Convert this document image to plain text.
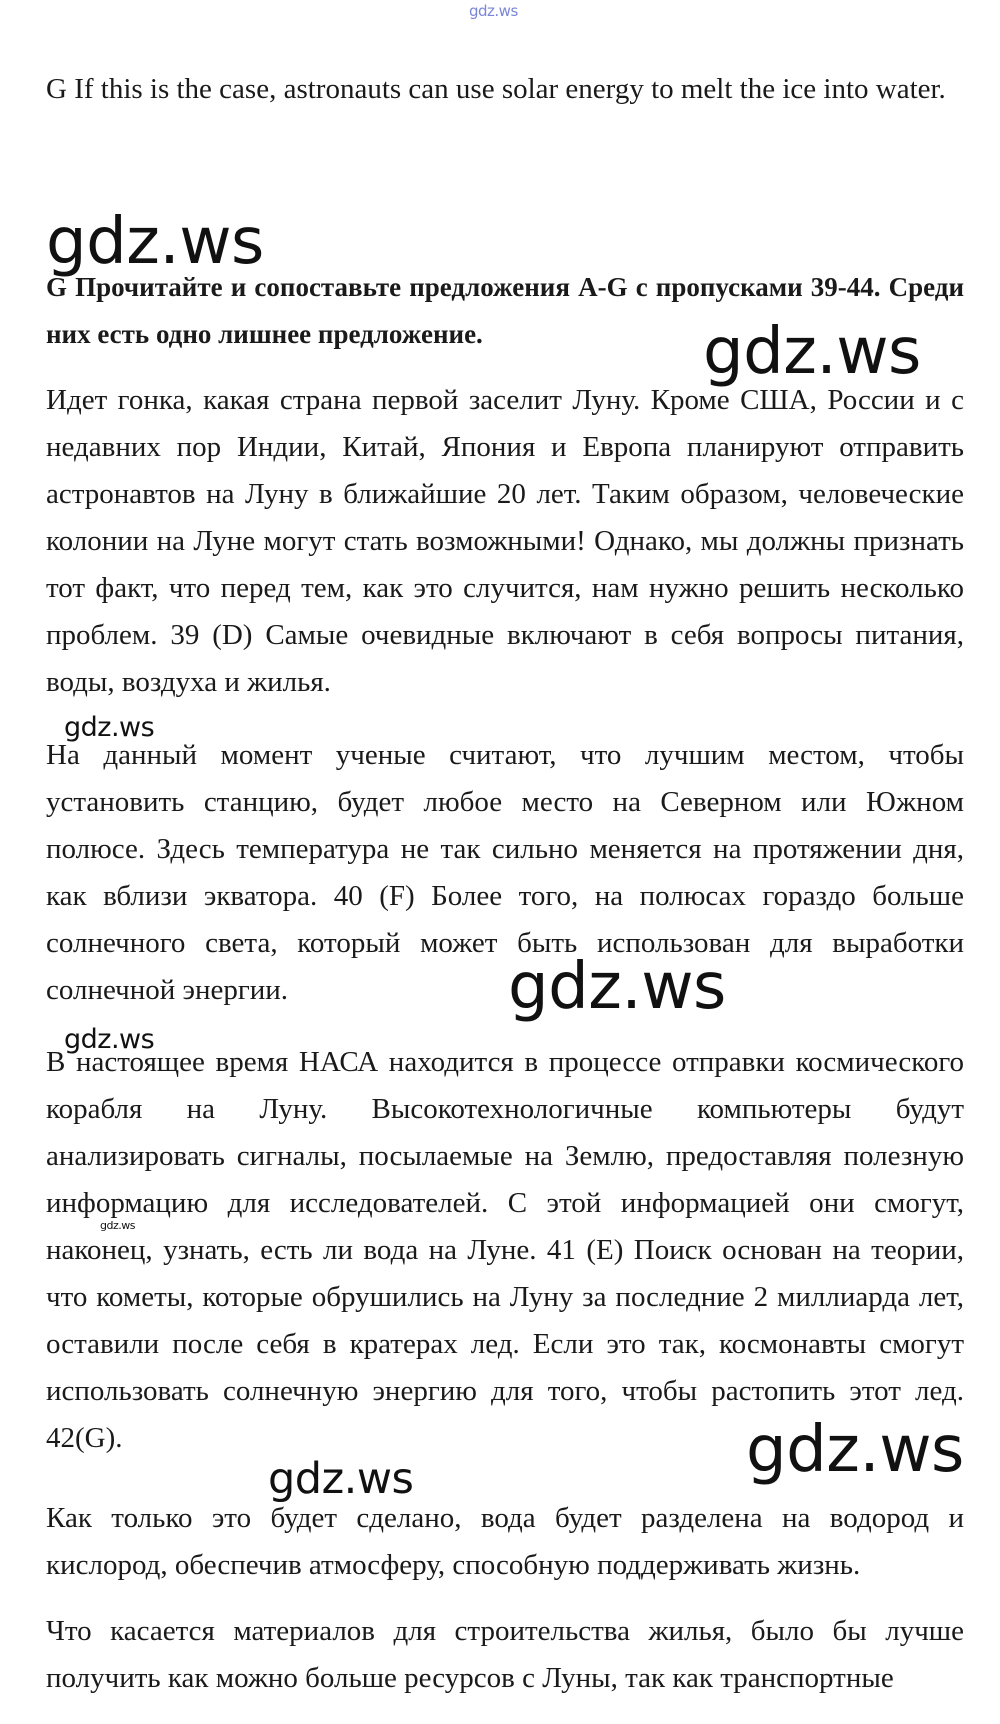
gdz.ws

G If this is the case, astronauts can use solar energy to melt the ice into water.

G Прочитайте и сопоставьте предложения A-G с пропусками 39-44. Среди них есть одно лишнее предложение.

Идет гонка, какая страна первой заселит Луну. Кроме США, России и с недавних пор Индии, Китай, Япония и Европа планируют отправить астронавтов на Луну в ближайшие 20 лет. Таким образом, человеческие колонии на Луне могут стать возможными! Однако, мы должны признать тот факт, что перед тем, как это случится, нам нужно решить несколько проблем. 39 (D) Самые очевидные включают в себя вопросы питания, воды, воздуха и жилья.

На данный момент ученые считают, что лучшим местом, чтобы установить станцию, будет любое место на Северном или Южном полюсе. Здесь температура не так сильно меняется на протяжении дня, как вблизи экватора. 40 (F) Более того, на полюсах гораздо больше солнечного света, который может быть использован для выработки солнечной энергии.

В настоящее время НАСА находится в процессе отправки космического корабля на Луну. Высокотехнологичные компьютеры будут анализировать сигналы, посылаемые на Землю, предоставляя полезную информацию для исследователей. С этой информацией они смогут, наконец, узнать, есть ли вода на Луне. 41 (E) Поиск основан на теории, что кометы, которые обрушились на Луну за последние 2 миллиарда лет, оставили после себя в кратерах лед. Если это так, космонавты смогут использовать солнечную энергию для того, чтобы растопить этот лед. 42(G).

Как только это будет сделано, вода будет разделена на водород и кислород, обеспечив атмосферу, способную поддерживать жизнь.

Что касается материалов для строительства жилья, было бы лучше получить как можно больше ресурсов с Луны, так как транспортные

gdz.ws
gdz.ws
gdz.ws
gdz.ws
gdz.ws
gdz.ws
gdz.ws
gdz.ws
